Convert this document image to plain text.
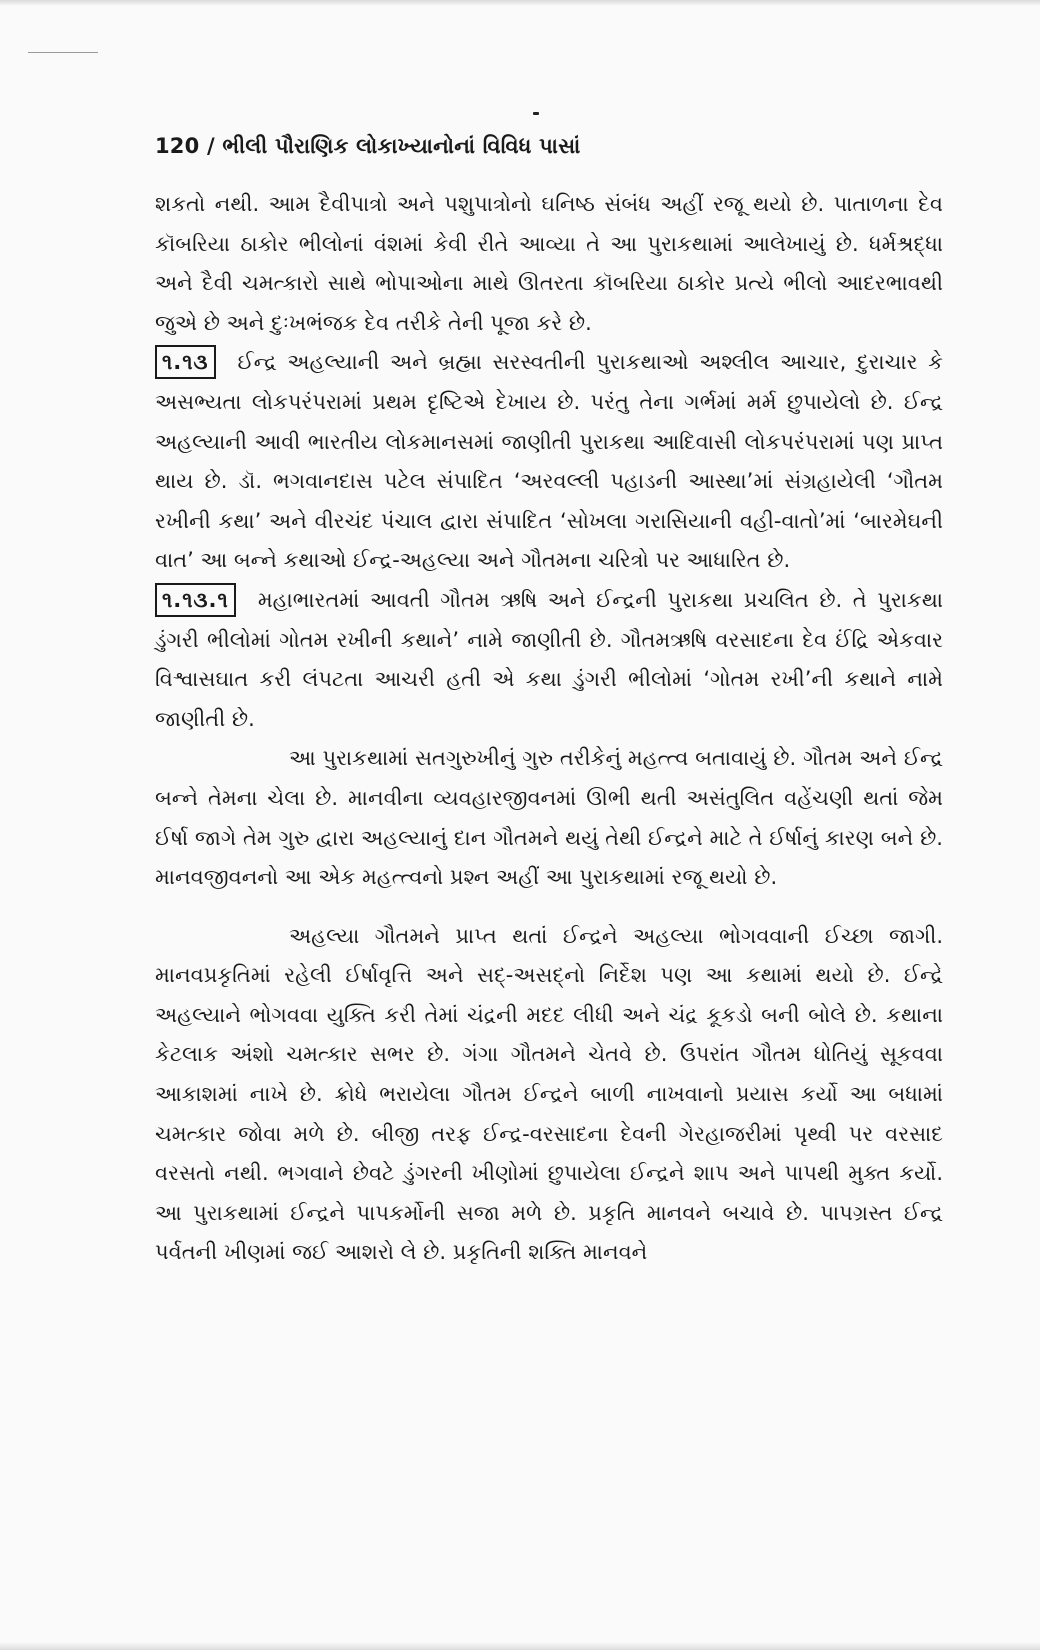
120 / ભીલી પૌરાણિક લોકાખ્યાનોનાં વિવિધ પાસાં

શકતો નથી. આમ દૈવીપાત્રો અને પશુપાત્રોનો ઘનિષ્ઠ સંબંધ અહીં રજૂ થયો છે. પાતાળના દેવ કૉબરિયા ઠાકોર ભીલોનાં વંશમાં કેવી રીતે આવ્યા તે આ પુરાકથામાં આલેખાયું છે. ધર્મશ્રદ્ધા અને દૈવી ચમત્કારો સાથે ભોપાઓના માથે ઊતરતા કૉબરિયા ઠાકોર પ્રત્યે ભીલો આદરભાવથી જુએ છે અને દુઃખભંજક દેવ તરીકે તેની પૂજા કરે છે.

૧.૧૩ ઈન્દ્ર અહલ્યાની અને બ્રહ્મા સરસ્વતીની પુરાકથાઓ અશ્લીલ આચાર, દુરાચાર કે અસભ્યતા લોકપરંપરામાં પ્રથમ દૃષ્ટિએ દેખાય છે. પરંતુ તેના ગર્ભમાં મર્મ છુપાયેલો છે. ઈન્દ્ર અહલ્યાની આવી ભારતીય લોકમાનસમાં જાણીતી પુરાકથા આદિવાસી લોકપરંપરામાં પણ પ્રાપ્ત થાય છે. ડૉ. ભગવાનદાસ પટેલ સંપાદિત ‘અરવલ્લી પહાડની આસ્થા’માં સંગ્રહાયેલી ‘ગૌતમ રખીની કથા’ અને વીરચંદ પંચાલ દ્વારા સંપાદિત ‘સોખલા ગરાસિયાની વહી-વાતો’માં ‘બારમેઘની વાત’ આ બન્ને કથાઓ ઈન્દ્ર-અહલ્યા અને ગૌતમના ચરિત્રો પર આધારિત છે.

૧.૧૩.૧ મહાભારતમાં આવતી ગૌતમ ઋષિ અને ઈન્દ્રની પુરાકથા પ્રચલિત છે. તે પુરાકથા ડુંગરી ભીલોમાં ગોતમ રખીની કથાને’ નામે જાણીતી છે. ગૌતમઋષિ વરસાદના દેવ ઈંદ્રિ એકવાર વિશ્વાસઘાત કરી લંપટતા આચરી હતી એ કથા ડુંગરી ભીલોમાં ‘ગોતમ રખી’ની કથાને નામે જાણીતી છે.

આ પુરાકથામાં સતગુરુખીનું ગુરુ તરીકેનું મહત્ત્વ બતાવાયું છે. ગૌતમ અને ઈન્દ્ર બન્ને તેમના ચેલા છે. માનવીના વ્યવહારજીવનમાં ઊભી થતી અસંતુલિત વહેંચણી થતાં જેમ ઈર્ષા જાગે તેમ ગુરુ દ્વારા અહલ્યાનું દાન ગૌતમને થયું તેથી ઈન્દ્રને માટે તે ઈર્ષાનું કારણ બને છે. માનવજીવનનો આ એક મહત્ત્વનો પ્રશ્ન અહીં આ પુરાકથામાં રજૂ થયો છે.

અહલ્યા ગૌતમને પ્રાપ્ત થતાં ઈન્દ્રને અહલ્યા ભોગવવાની ઈચ્છા જાગી. માનવપ્રકૃતિમાં રહેલી ઈર્ષાવૃત્તિ અને સદ્-અસદ્‌નો નિર્દેશ પણ આ કથામાં થયો છે. ઈન્દ્રે અહલ્યાને ભોગવવા યુક્તિ કરી તેમાં ચંદ્રની મદદ લીધી અને ચંદ્ર કૂકડો બની બોલે છે. કથાના કેટલાક અંશો ચમત્કાર સભર છે. ગંગા ગૌતમને ચેતવે છે. ઉપરાંત ગૌતમ ધોતિયું સૂકવવા આકાશમાં નાખે છે. ક્રોધે ભરાયેલા ગૌતમ ઈન્દ્રને બાળી નાખવાનો પ્રયાસ કર્યો આ બધામાં ચમત્કાર જોવા મળે છે. બીજી તરફ ઈન્દ્ર-વરસાદના દેવની ગેરહાજરીમાં પૃથ્વી પર વરસાદ વરસતો નથી. ભગવાને છેવટે ડુંગરની ખીણોમાં છુપાયેલા ઈન્દ્રને શાપ અને પાપથી મુક્ત કર્યો. આ પુરાકથામાં ઈન્દ્રને પાપકર્મોની સજા મળે છે. પ્રકૃતિ માનવને બચાવે છે. પાપગ્રસ્ત ઈન્દ્ર પર્વતની ખીણમાં જઈ આશરો લે છે. પ્રકૃતિની શક્તિ માનવને
